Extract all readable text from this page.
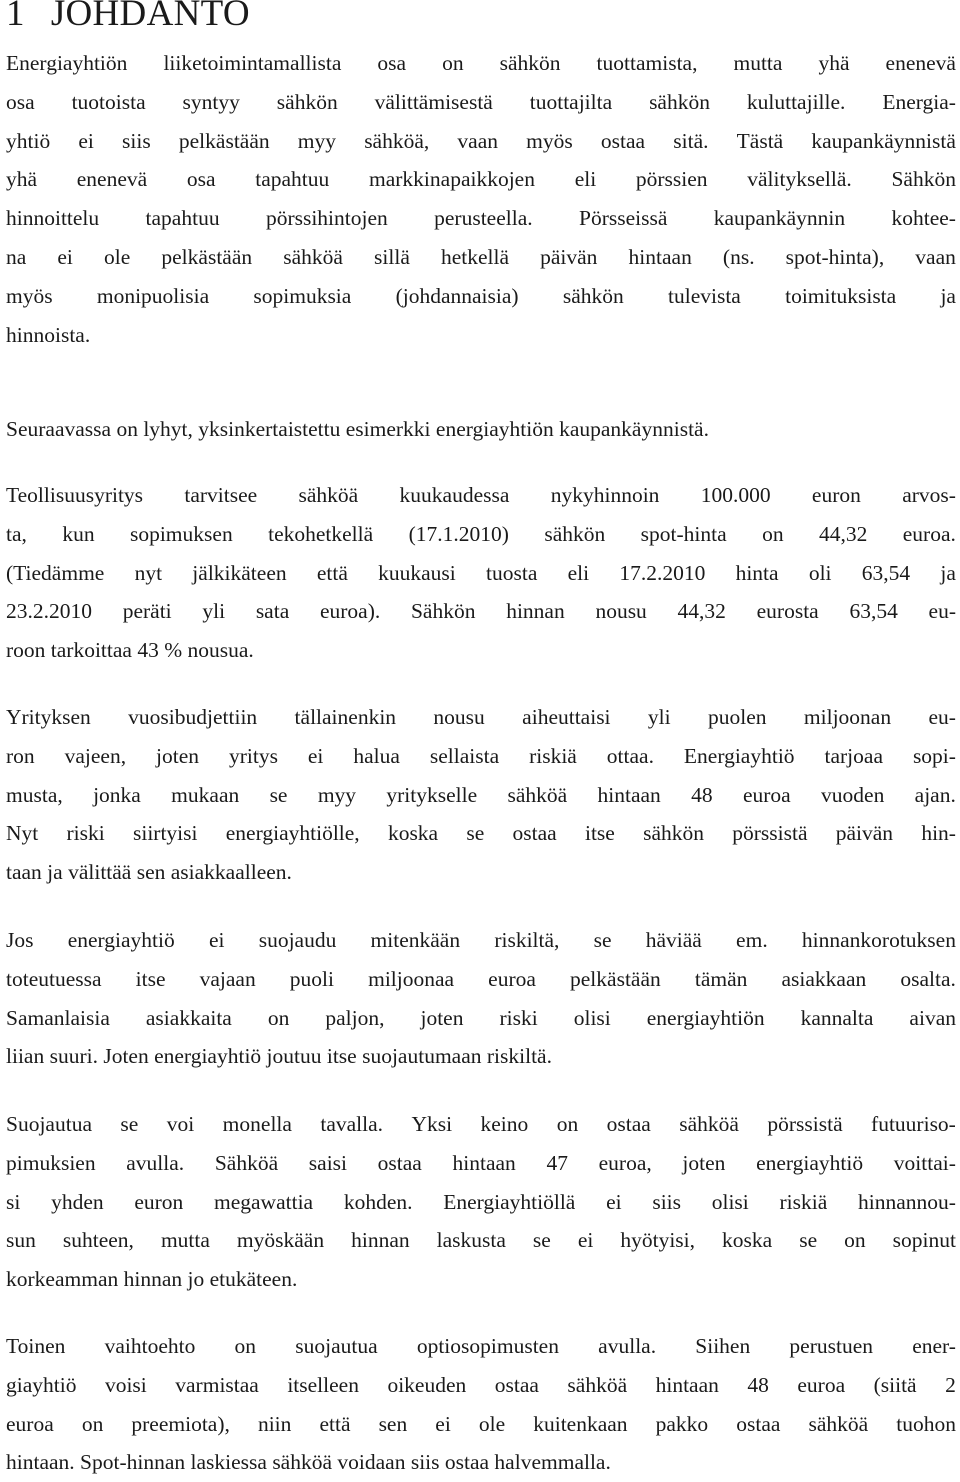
1 JOHDANTO
Energiayhtiön liiketoimintamallista osa on sähkön tuottamista, mutta yhä enenevä
osa tuotoista syntyy sähkön välittämisestä tuottajilta sähkön kuluttajille. Energia-
yhtiö ei siis pelkästään myy sähköä, vaan myös ostaa sitä. Tästä kaupankäynnistä
yhä enenevä osa tapahtuu markkinapaikkojen eli pörssien välityksellä. Sähkön
hinnoittelu tapahtuu pörssihintojen perusteella. Pörsseissä kaupankäynnin kohtee-
na ei ole pelkästään sähköä sillä hetkellä päivän hintaan (ns. spot-hinta), vaan
myös monipuolisia sopimuksia (johdannaisia) sähkön tulevista toimituksista ja
hinnoista.
Seuraavassa on lyhyt, yksinkertaistettu esimerkki energiayhtiön kaupankäynnistä.
Teollisuusyritys tarvitsee sähköä kuukaudessa nykyhinnoin 100.000 euron arvos-
ta, kun sopimuksen tekohetkellä (17.1.2010) sähkön spot-hinta on 44,32 euroa.
(Tiedämme nyt jälkikäteen että kuukausi tuosta eli 17.2.2010 hinta oli 63,54 ja
23.2.2010 peräti yli sata euroa). Sähkön hinnan nousu 44,32 eurosta 63,54 eu-
roon tarkoittaa 43 % nousua.
Yrityksen vuosibudjettiin tällainenkin nousu aiheuttaisi yli puolen miljoonan eu-
ron vajeen, joten yritys ei halua sellaista riskiä ottaa. Energiayhtiö tarjoaa sopi-
musta, jonka mukaan se myy yritykselle sähköä hintaan 48 euroa vuoden ajan.
Nyt riski siirtyisi energiayhtiölle, koska se ostaa itse sähkön pörssistä päivän hin-
taan ja välittää sen asiakkaalleen.
Jos energiayhtiö ei suojaudu mitenkään riskiltä, se häviää em. hinnankorotuksen
toteutuessa itse vajaan puoli miljoonaa euroa pelkästään tämän asiakkaan osalta.
Samanlaisia asiakkaita on paljon, joten riski olisi energiayhtiön kannalta aivan
liian suuri. Joten energiayhtiö joutuu itse suojautumaan riskiltä.
Suojautua se voi monella tavalla. Yksi keino on ostaa sähköä pörssistä futuuriso-
pimuksien avulla. Sähköä saisi ostaa hintaan 47 euroa, joten energiayhtiö voittai-
si yhden euron megawattia kohden. Energiayhtiöllä ei siis olisi riskiä hinnannou-
sun suhteen, mutta myöskään hinnan laskusta se ei hyötyisi, koska se on sopinut
korkeamman hinnan jo etukäteen.
Toinen vaihtoehto on suojautua optiosopimusten avulla. Siihen perustuen ener-
giayhtiö voisi varmistaa itselleen oikeuden ostaa sähköä hintaan 48 euroa (siitä 2
euroa on preemiota), niin että sen ei ole kuitenkaan pakko ostaa sähköä tuohon
hintaan. Spot-hinnan laskiessa sähköä voidaan siis ostaa halvemmalla.
